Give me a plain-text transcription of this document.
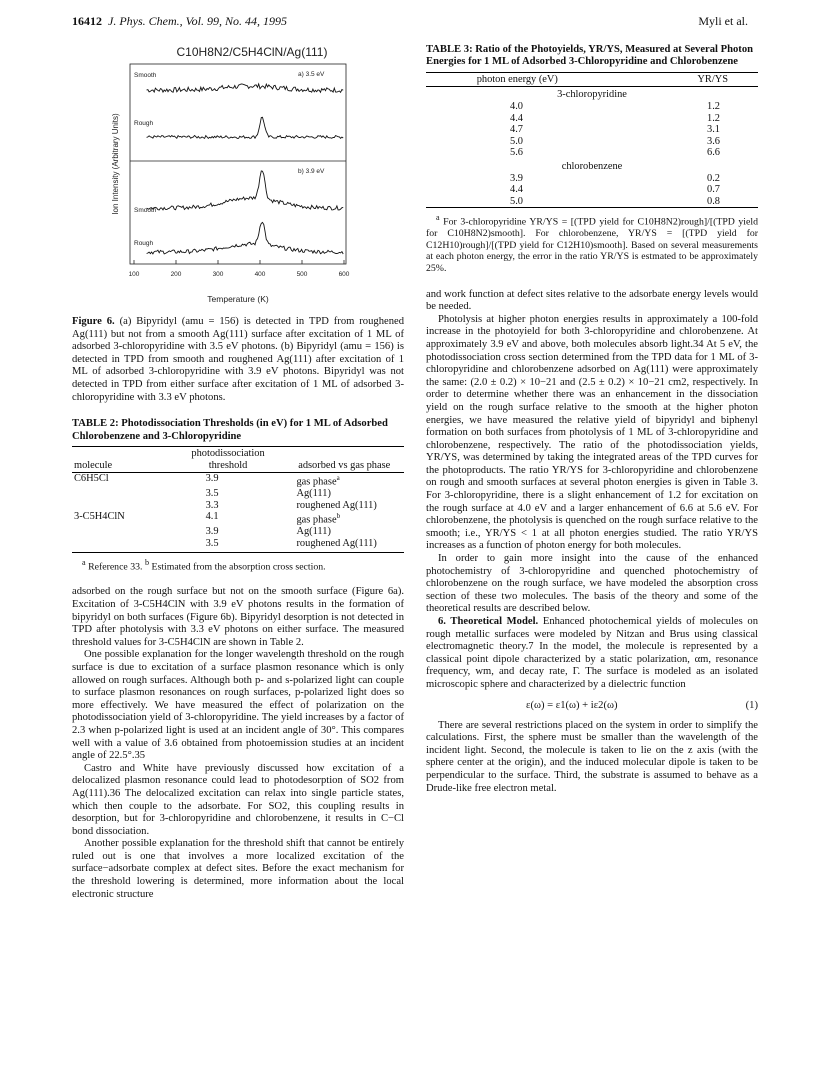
16412 J. Phys. Chem., Vol. 99, No. 44, 1995	Myli et al.
C10H8N2/C5H4ClN/Ag(111)
Ion Intensity (Arbitrary Units)
a) 3.5 eV
b) 3.9 eV
Smooth
Rough
Smooth
Rough
100	200	300	400	500	600
Temperature (K)

Figure 6. (a) Bipyridyl (amu = 156) is detected in TPD from roughened Ag(111) but not from a smooth Ag(111) surface after excitation of 1 ML of adsorbed 3-chloropyridine with 3.5 eV photons. (b) Bipyridyl (amu = 156) is detected in TPD from smooth and roughened Ag(111) after excitation of 1 ML of adsorbed 3-chloropyridine with 3.9 eV photons. Bipyridyl was not detected in TPD from either surface after excitation of 1 ML of adsorbed 3-chloropyridine with 3.3 eV photons.

TABLE 2: Photodissociation Thresholds (in eV) for 1 ML of Adsorbed Chlorobenzene and 3-Chloropyridine
molecule	photodissociation threshold	adsorbed vs gas phase
C6H5Cl	3.9	gas phase$^a$
	3.5	Ag(111)
	3.3	roughened Ag(111)
3-C5H4ClN	4.1	gas phase$^b$
	3.9	Ag(111)
	3.5	roughened Ag(111)
$^a$ Reference 33. $^b$ Estimated from the absorption cross section.

adsorbed on the rough surface but not on the smooth surface (Figure 6a). Excitation of 3-C5H4ClN with 3.9 eV photons results in the formation of bipyridyl on both surfaces (Figure 6b). Bipyridyl desorption is not detected in TPD after photolysis with 3.3 eV photons on either surface. The measured threshold values for 3-C5H4ClN are shown in Table 2.

One possible explanation for the longer wavelength threshold on the rough surface is due to excitation of a surface plasmon resonance which is only allowed on rough surfaces. Although both p- and s-polarized light can couple to surface plasmon resonances on rough surfaces, p-polarized light does so more effectively. We have measured the effect of polarization on the photodissociation yield of 3-chloropyridine. The yield increases by a factor of 2.3 when p-polarized light is used at an incident angle of 30°. This compares well with a value of 3.6 obtained from photoemission studies at an incident angle of 22.5°.35

Castro and White have previously discussed how excitation of a delocalized plasmon resonance could lead to photodesorption of SO2 from Ag(111).36 The delocalized excitation can relax into single particle states, which then couple to the adsorbate. For SO2, this coupling results in desorption, but for 3-chloropyridine and chlorobenzene, it results in C−Cl bond dissociation.

Another possible explanation for the threshold shift that cannot be entirely ruled out is one that involves a more localized excitation of the surface−adsorbate complex at defect sites. Before the exact mechanism for the threshold lowering is determined, more information about the local electronic structure

TABLE 3: Ratio of the Photoyields, YR/YS, Measured at Several Photon Energies for 1 ML of Adsorbed 3-Chloropyridine and Chlorobenzene
photon energy (eV)	YR/YS
3-chloropyridine	
4.0	1.2
4.4	1.2
4.7	3.1
5.0	3.6
5.6	6.6
chlorobenzene	
3.9	0.2
4.4	0.7
5.0	0.8
$^a$ For 3-chloropyridine YR/YS = [(TPD yield for C10H8N2)rough]/[(TPD yield for C10H8N2)smooth]. For chlorobenzene, YR/YS = [(TPD yield for C12H10)rough]/[(TPD yield for C12H10)smooth]. Based on several measurements at each photon energy, the error in the ratio YR/YS is estmated to be approximately 25%.

and work function at defect sites relative to the adsorbate energy levels would be needed.

Photolysis at higher photon energies results in approximately a 100-fold increase in the photoyield for both 3-chloropyridine and chlorobenzene. At approximately 3.9 eV and above, both molecules absorb light.34 At 5 eV, the photodissociation cross section determined from the TPD data for 1 ML of 3-chloropyridine and chlorobenzene adsorbed on Ag(111) were approximately the same: (2.0 ± 0.2) × 10−21 and (2.5 ± 0.2) × 10−21 cm2, respectively. In order to determine whether there was an enhancement in the dissociation yield on the rough surface relative to the smooth at the higher photon energies, we have measured the relative yield of bipyridyl and biphenyl formation on both surfaces from photolysis of 1 ML of 3-chloropyridine and chlorobenzene, respectively. The ratio of the photodissociation yields, YR/YS, was determined by taking the integrated areas of the TPD curves for the photoproducts. The ratio YR/YS for 3-chloropyridine and chlorobenzene on rough and smooth surfaces at several photon energies is given in Table 3. For 3-chloropyridine, there is a slight enhancement of 1.2 for excitation on the rough surface at 4.0 eV and a larger enhancement of 6.6 at 5.6 eV. For chlorobenzene, the photolysis is quenched on the rough surface relative to the smooth; i.e., YR/YS < 1 at all photon energies studied. The ratio YR/YS increases as a function of photon energy for both molecules.

In order to gain more insight into the cause of the enhanced photochemistry of 3-chloropyridine and quenched photochemistry of chlorobenzene on the rough surface, we have modeled the absorption cross section of these two molecules. The basis of the theory and some of the theoretical results are described below.

6. Theoretical Model. Enhanced photochemical yields of molecules on rough metallic surfaces were modeled by Nitzan and Brus using classical electromagnetic theory.7 In the model, the molecule is represented by a classical point dipole characterized by a static polarization, αm, resonance frequency, wm, and decay rate, Γ. The surface is modeled as an isolated microscopic sphere and characterized by a dielectric function

ε(ω) = ε1(ω) + iε2(ω)	(1)

There are several restrictions placed on the system in order to simplify the calculations. First, the sphere must be smaller than the wavelength of the incident light. Second, the molecule is taken to lie on the z axis (with the sphere center at the origin), and the induced molecular dipole is taken to be perpendicular to the surface. Third, the substrate is assumed to behave as a Drude-like free electron metal.
